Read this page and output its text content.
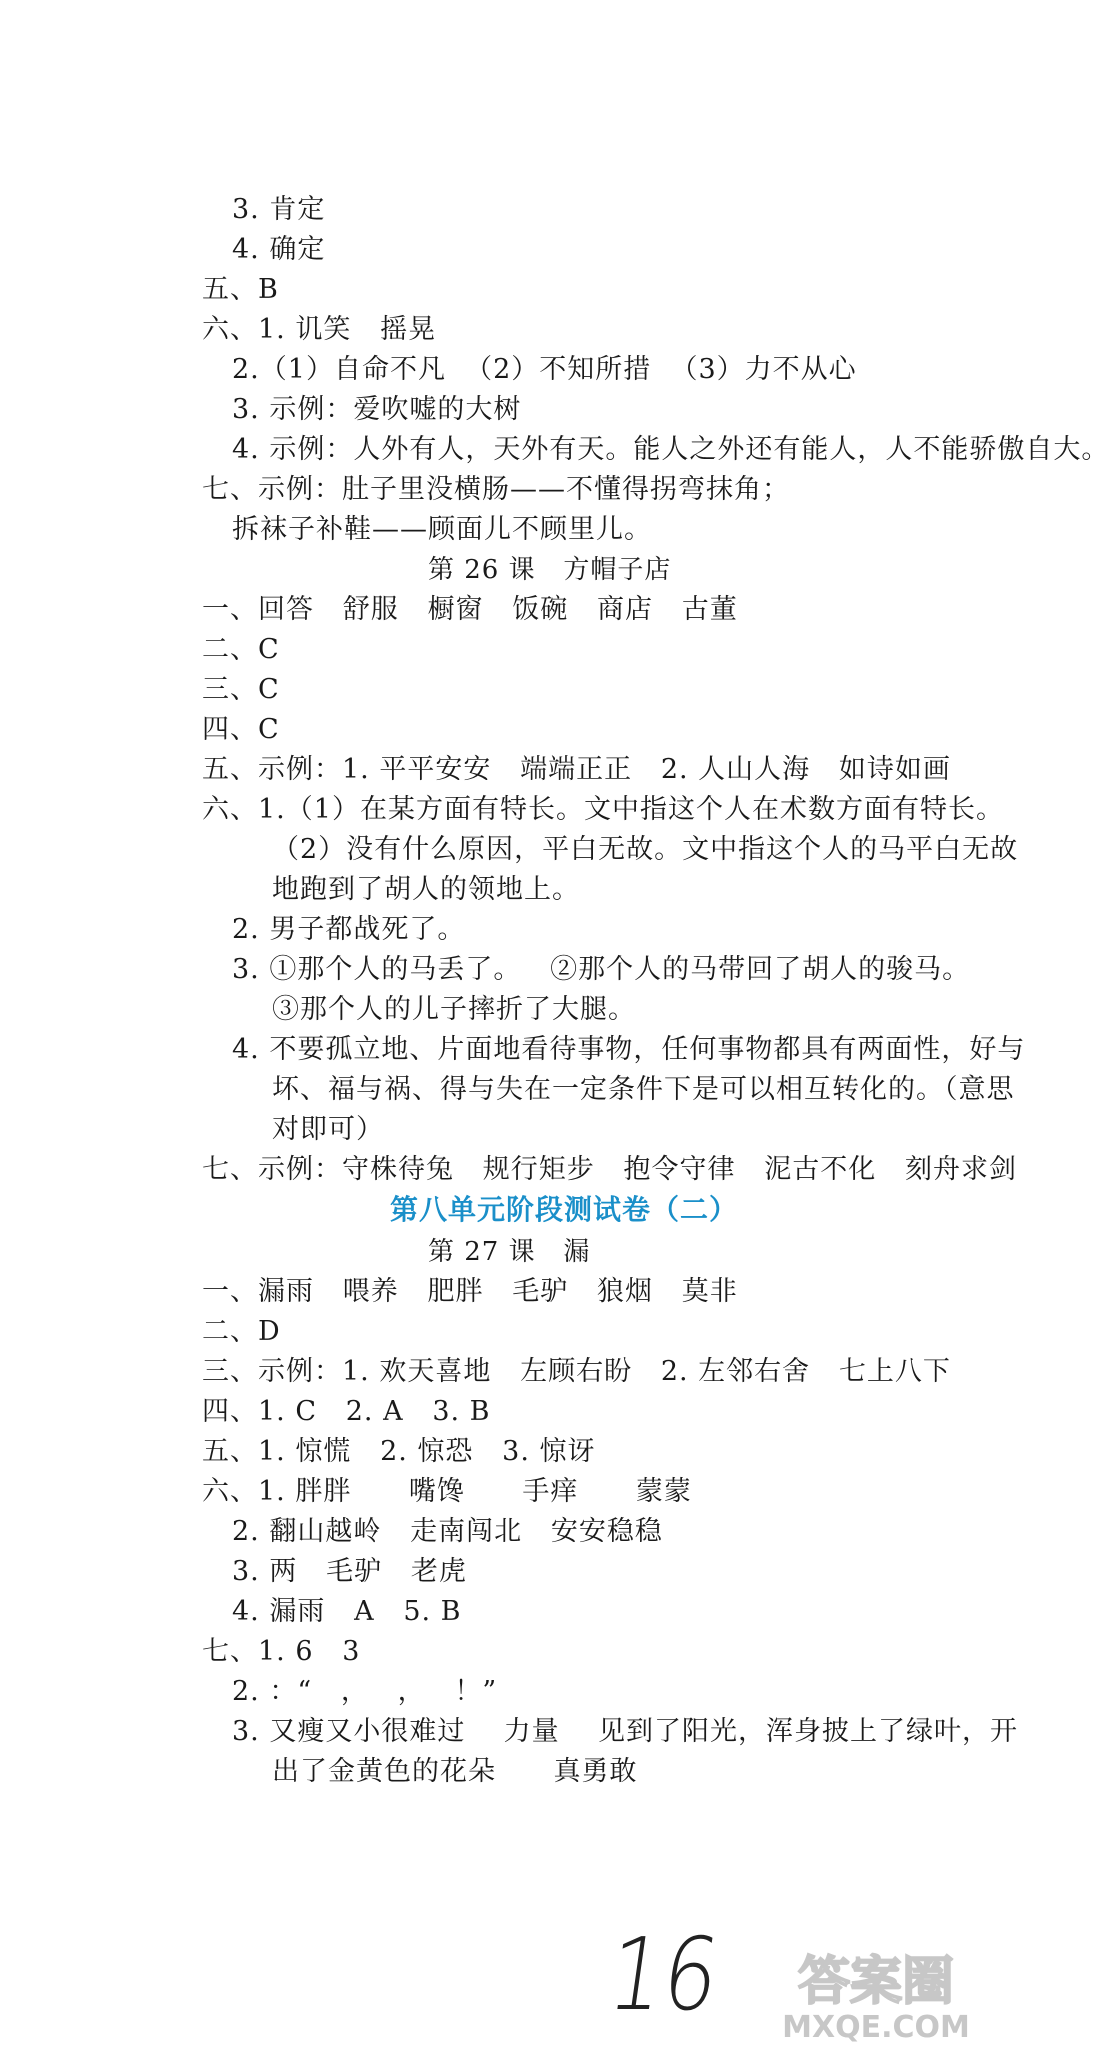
3. 肯定
4. 确定
五、B
六、1. 讥笑   摇晃
2.（1）自命不凡  （2）不知所措  （3）力不从心
3. 示例：爱吹嘘的大树
4. 示例：人外有人，天外有天。能人之外还有能人，人不能骄傲自大。
七、示例：肚子里没横肠——不懂得拐弯抹角；
拆袜子补鞋——顾面儿不顾里儿。
第 26 课   方帽子店
一、回答   舒服   橱窗   饭碗   商店   古董
二、C
三、C
四、C
五、示例：1. 平平安安   端端正正   2. 人山人海   如诗如画
六、1.（1）在某方面有特长。文中指这个人在术数方面有特长。
（2）没有什么原因，平白无故。文中指这个人的马平白无故
地跑到了胡人的领地上。
2. 男子都战死了。
3. ①那个人的马丢了。   ②那个人的马带回了胡人的骏马。
③那个人的儿子摔折了大腿。
4. 不要孤立地、片面地看待事物，任何事物都具有两面性，好与
坏、福与祸、得与失在一定条件下是可以相互转化的。（意思
对即可）
七、示例：守株待兔   规行矩步   抱令守律   泥古不化   刻舟求剑
第八单元阶段测试卷（二）
第 27 课   漏
一、漏雨   喂养   肥胖   毛驴   狼烟   莫非
二、D
三、示例：1. 欢天喜地   左顾右盼   2. 左邻右舍   七上八下
四、1. C   2. A   3. B
五、1. 惊慌   2. 惊恐   3. 惊讶
六、1. 胖胖      嘴馋      手痒      蒙蒙
2. 翻山越岭   走南闯北   安安稳稳
3. 两   毛驴   老虎
4. 漏雨   A   5. B
七、1. 6   3
2. ：“   ，   ，   ！”
3. 又瘦又小很难过    力量    见到了阳光，浑身披上了绿叶，开
出了金黄色的花朵      真勇敢
16 答案圈
MXQE.COM
